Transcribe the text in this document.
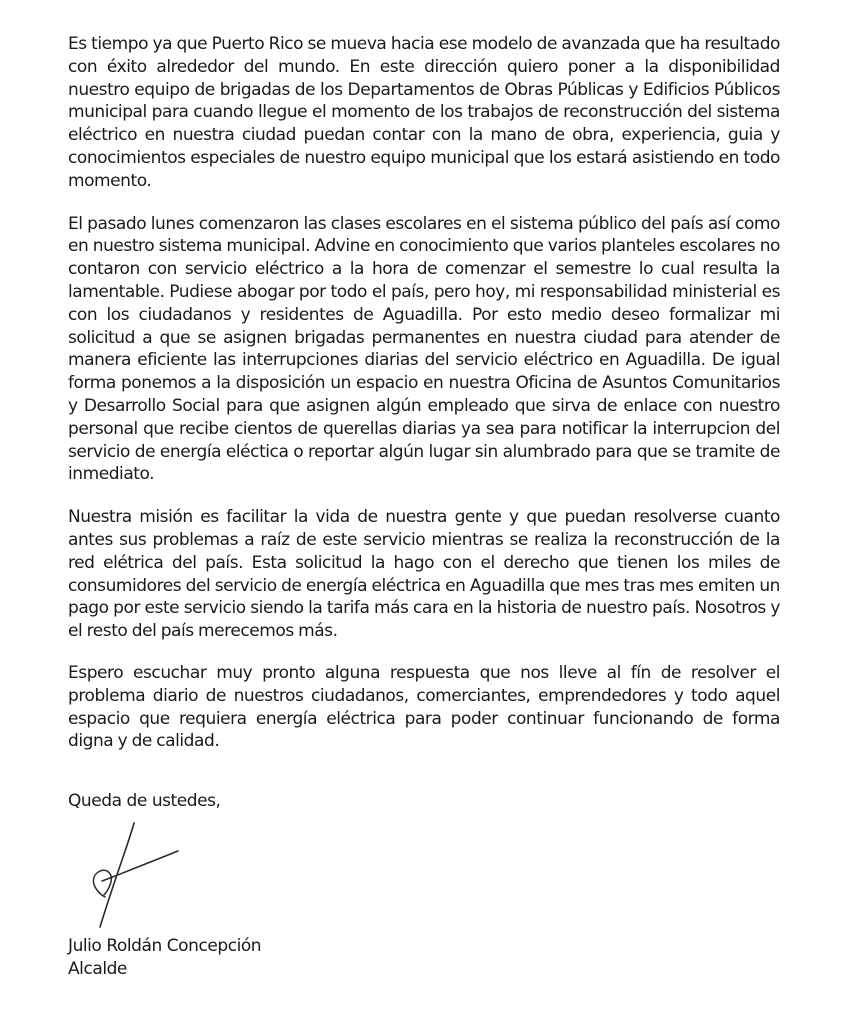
Es tiempo ya que Puerto Rico se mueva hacia ese modelo de avanzada que ha resultado con éxito alrededor del mundo. En este dirección quiero poner a la disponibilidad nuestro equipo de brigadas de los Departamentos de Obras Públicas y Edificios Públicos municipal para cuando llegue el momento de los trabajos de reconstrucción del sistema eléctrico en nuestra ciudad puedan contar con la mano de obra, experiencia, guia y conocimientos especiales de nuestro equipo municipal que los estará asistiendo en todo momento.

El pasado lunes comenzaron las clases escolares en el sistema público del país así como en nuestro sistema municipal. Advine en conocimiento que varios planteles escolares no contaron con servicio eléctrico a la hora de comenzar el semestre lo cual resulta la lamentable. Pudiese abogar por todo el país, pero hoy, mi responsabilidad ministerial es con los ciudadanos y residentes de Aguadilla. Por esto medio deseo formalizar mi solicitud a que se asignen brigadas permanentes en nuestra ciudad para atender de manera eficiente las interrupciones diarias del servicio eléctrico en Aguadilla. De igual forma ponemos a la disposición un espacio en nuestra Oficina de Asuntos Comunitarios y Desarrollo Social para que asignen algún empleado que sirva de enlace con nuestro personal que recibe cientos de querellas diarias ya sea para notificar la interrupcion del servicio de energía eléctica o reportar algún lugar sin alumbrado para que se tramite de inmediato.

Nuestra misión es facilitar la vida de nuestra gente y que puedan resolverse cuanto antes sus problemas a raíz de este servicio mientras se realiza la reconstrucción de la red elétrica del país. Esta solicitud la hago con el derecho que tienen los miles de consumidores del servicio de energía eléctrica en Aguadilla que mes tras mes emiten un pago por este servicio siendo la tarifa más cara en la historia de nuestro país. Nosotros y el resto del país merecemos más.

Espero escuchar muy pronto alguna respuesta que nos lleve al fín de resolver el problema diario de nuestros ciudadanos, comerciantes, emprendedores y todo aquel espacio que requiera energía eléctrica para poder continuar funcionando de forma digna y de calidad.

Queda de ustedes,

Julio Roldán Concepción
Alcalde
